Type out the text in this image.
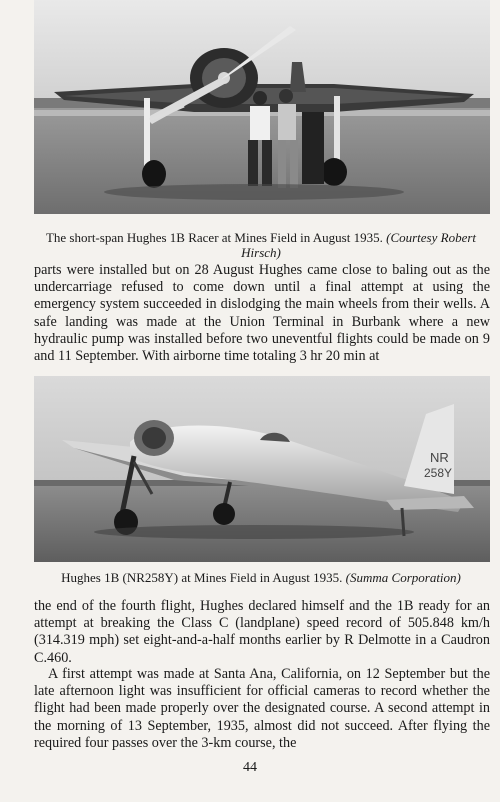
The short-span Hughes 1B Racer at Mines Field in August 1935. (Courtesy Robert Hirsch)

parts were installed but on 28 August Hughes came close to baling out as the undercarriage refused to come down until a final attempt at using the emergency system succeeded in dislodging the main wheels from their wells. A safe landing was made at the Union Terminal in Burbank where a new hydraulic pump was installed before two uneventful flights could be made on 9 and 11 September. With airborne time totaling 3 hr 20 min at

NR
258Y
Hughes 1B (NR258Y) at Mines Field in August 1935. (Summa Corporation)

the end of the fourth flight, Hughes declared himself and the 1B ready for an attempt at breaking the Class C (landplane) speed record of 505.848 km/h (314.319 mph) set eight-and-a-half months earlier by R Delmotte in a Caudron C.460.

A first attempt was made at Santa Ana, California, on 12 September but the late afternoon light was insufficient for official cameras to record whether the flight had been made properly over the designated course. A second attempt in the morning of 13 September, 1935, almost did not succeed. After flying the required four passes over the 3-km course, the

44
